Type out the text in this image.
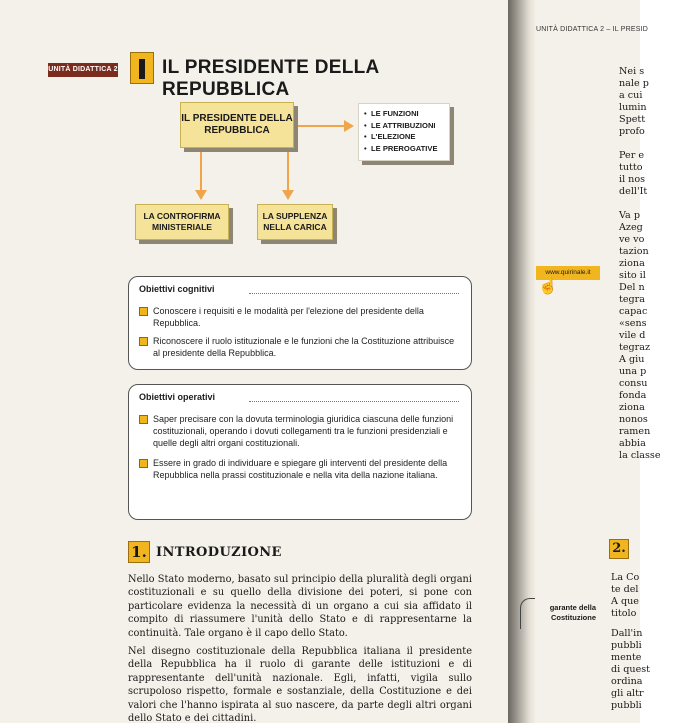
UNITÀ DIDATTICA 2 IL PRESIDENTE DELLA REPUBBLICA
IL PRESIDENTE DELLA REPUBBLICA
• LE FUNZIONI
• LE ATTRIBUZIONI
• L'ELEZIONE
• LE PREROGATIVE
LA CONTROFIRMA MINISTERIALE
LA SUPPLENZA NELLA CARICA
Obiettivi cognitivi
Conoscere i requisiti e le modalità per l'elezione del presidente della Repubblica.
Riconoscere il ruolo istituzionale e le funzioni che la Costituzione attribuisce al presidente della Repubblica.
Obiettivi operativi
Saper precisare con la dovuta terminologia giuridica ciascuna delle funzioni costituzionali, operando i dovuti collegamenti tra le funzioni presidenziali e quelle degli altri organi costituzionali.
Essere in grado di individuare e spiegare gli interventi del presidente della Repubblica nella prassi costituzionale e nella vita della nazione italiana.
1. INTRODUZIONE

Nello Stato moderno, basato sul principio della pluralità degli organi costituzionali e su quello della divisione dei poteri, si pone con particolare evidenza la necessità di un organo a cui sia affidato il compito di riassumere l'unità dello Stato e di rappresentarne la continuità. Tale organo è il capo dello Stato.

Nel disegno costituzionale della Repubblica italiana il presidente della Repubblica ha il ruolo di garante delle istituzioni e di rappresentante dell'unità nazionale. Egli, infatti, vigila sullo scrupoloso rispetto, formale e sostanziale, della Costituzione e dei valori che l'hanno ispirata al suo nascere, da parte degli altri organi dello Stato e dei cittadini.

UNITÀ DIDATTICA 2 – IL PRESID
Nei s
nale p
a cui
lumin
Spett
profo
Per e
tutto
il nos
dell'It
Va p
Azeg
ve vo
tazion
ziona
sito il
Del n
tegra
capac
«sens
vile d
tegraz
A giu
una p
consu
fonda
ziona
nonos
ramen
abbia
la classe
La Co
te del
A que
titolo
Dall'in
pubbli
mente
di quest
ordina
gli altr
pubbli
www.quirinale.it
☝
2.
garante della Costituzione
